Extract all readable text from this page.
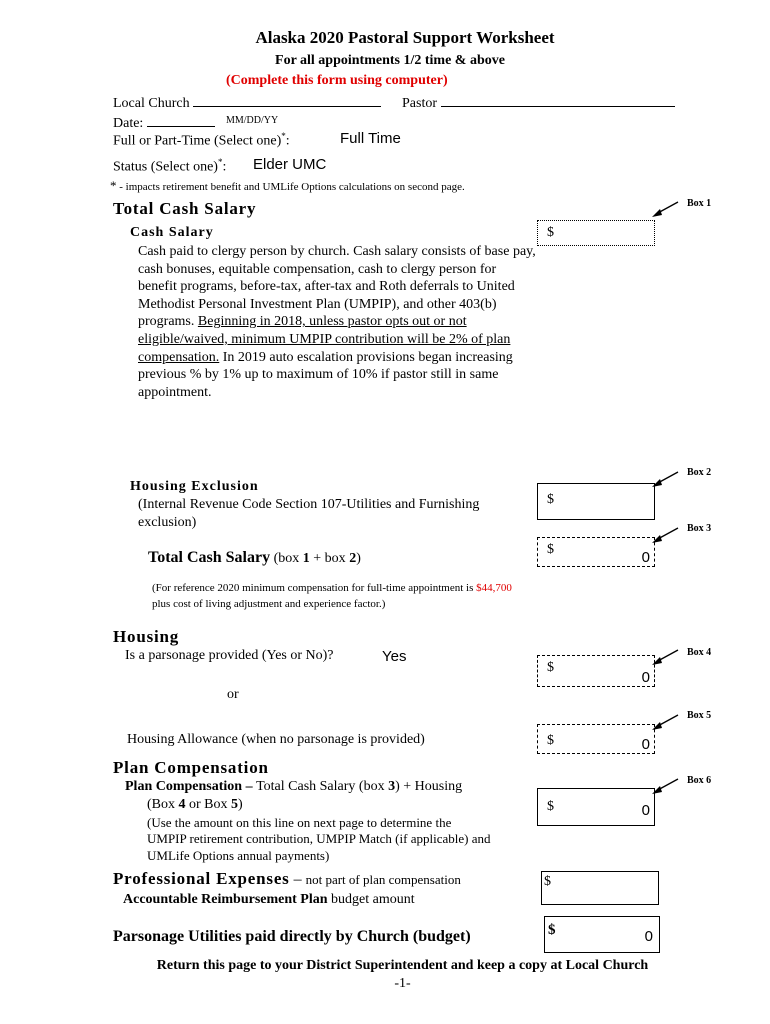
Alaska 2020 Pastoral Support Worksheet
For all appointments 1/2 time & above
(Complete this form using computer)
Local Church	Pastor
Date:	MM/DD/YY
Full or Part-Time (Select one)*:	Full Time
Status (Select one)*: Elder UMC
* - impacts retirement benefit and UMLife Options calculations on second page.
Total Cash Salary
Cash Salary
Cash paid to clergy person by church. Cash salary consists of base pay, cash bonuses, equitable compensation, cash to clergy person for benefit programs, before-tax, after-tax and Roth deferrals to United Methodist Personal Investment Plan (UMPIP), and other 403(b) programs. Beginning in 2018, unless pastor opts out or not eligible/waived, minimum UMPIP contribution will be 2% of plan compensation. In 2019 auto escalation provisions began increasing previous % by 1% up to maximum of 10% if pastor still in same appointment.
$
Box 1
Housing Exclusion
(Internal Revenue Code Section 107-Utilities and Furnishing exclusion)
$
Box 2
Total Cash Salary (box 1 + box 2)
$	0
Box 3
(For reference 2020 minimum compensation for full-time appointment is $44,700
plus cost of living adjustment and experience factor.)
Housing
Is a parsonage provided (Yes or No)?	Yes
$
0
Box 4
or
Housing Allowance (when no parsonage is provided)	$	0
Box 5
Plan Compensation
Plan Compensation – Total Cash Salary (box 3) + Housing
(Box 4 or Box 5)
(Use the amount on this line on next page to determine the
UMPIP retirement contribution, UMPIP Match (if applicable) and
UMLife Options annual payments)
$	0
Box 6
Professional Expenses – not part of plan compensation
Accountable Reimbursement Plan budget amount
$
Parsonage Utilities paid directly by Church (budget)	$	0
Return this page to your District Superintendent and keep a copy at Local Church
-1-
